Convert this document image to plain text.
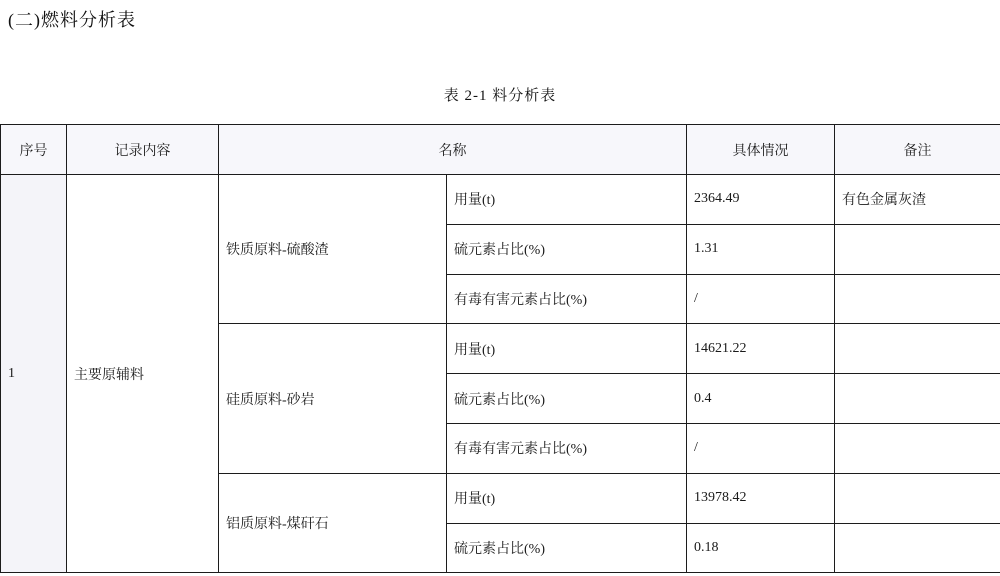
(二)燃料分析表
表 2-1 料分析表
序号	记录内容	名称		具体情况	备注
1	主要原辅料	铁质原料-硫酸渣	用量(t)	2364.49	有色金属灰渣
			硫元素占比(%)	1.31	
			有毒有害元素占比(%)	/	
		硅质原料-砂岩	用量(t)	14621.22	
			硫元素占比(%)	0.4	
			有毒有害元素占比(%)	/	
		铝质原料-煤矸石	用量(t)	13978.42	
			硫元素占比(%)	0.18	
